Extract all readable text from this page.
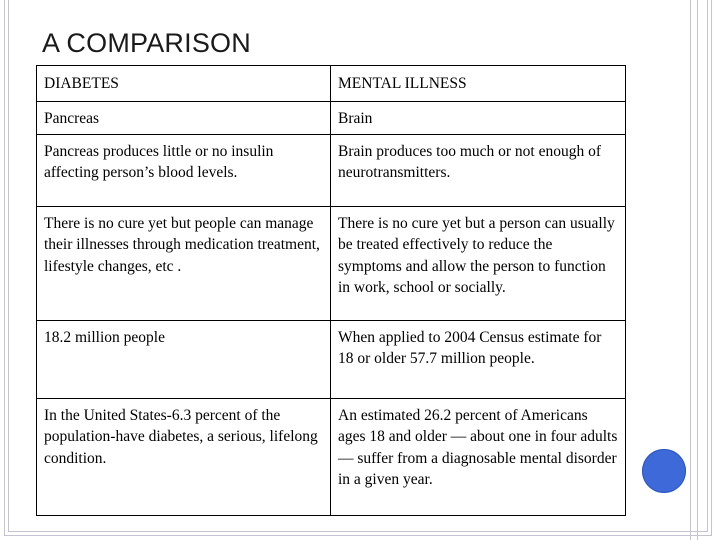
A COMPARISON
DIABETES	MENTAL ILLNESS
Pancreas	Brain
Pancreas produces little or no insulin affecting person’s blood levels.	Brain produces too much or not enough of neurotransmitters.
There is no cure yet but people can manage their illnesses through medication treatment, lifestyle changes, etc .	There is no cure yet but a person can usually be treated effectively to reduce the symptoms and allow the person to function in work, school or socially.
18.2 million people	When applied to 2004 Census estimate for 18 or older 57.7 million people.
In the United States-6.3 percent of the population-have diabetes, a serious, lifelong condition.	An estimated 26.2 percent of Americans ages 18 and older — about one in four adults — suffer from a diagnosable mental disorder in a given year.
